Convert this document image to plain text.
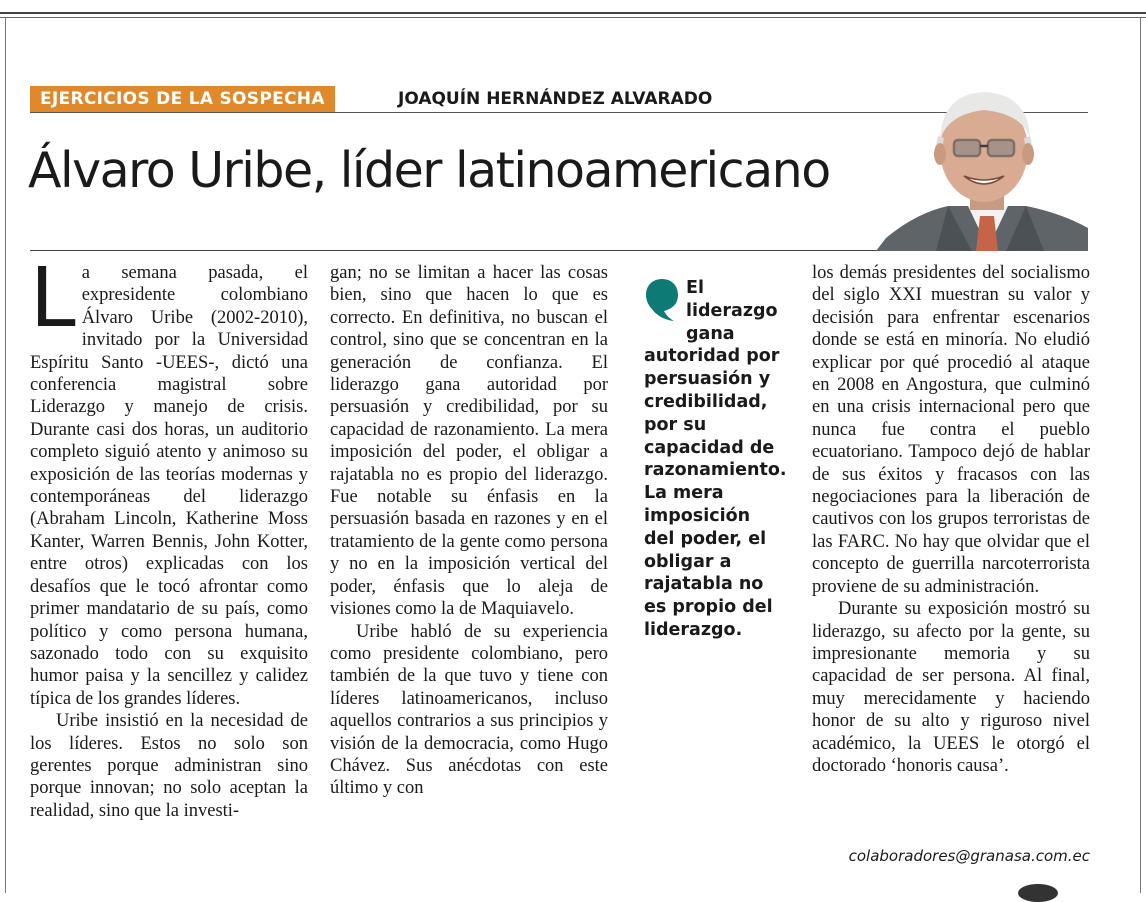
EJERCICIOS DE LA SOSPECHA	JOAQUÍN HERNÁNDEZ ALVARADO
Álvaro Uribe, líder latinoamericano

La semana pasada, el expresidente colombiano Álvaro Uribe (2002-2010), invitado por la Universidad Espíritu Santo -UEES-, dictó una conferencia magistral sobre Liderazgo y manejo de crisis. Durante casi dos horas, un auditorio completo siguió atento y animoso su exposición de las teorías modernas y contemporáneas del liderazgo (Abraham Lincoln, Katherine Moss Kanter, Warren Bennis, John Kotter, entre otros) explicadas con los desafíos que le tocó afrontar como primer mandatario de su país, como político y como persona humana, sazonado todo con su exquisito humor paisa y la sencillez y calidez típica de los grandes líderes.

Uribe insistió en la necesidad de los líderes. Estos no solo son gerentes porque administran sino porque innovan; no solo aceptan la realidad, sino que la investi-

gan; no se limitan a hacer las cosas bien, sino que hacen lo que es correcto. En definitiva, no buscan el control, sino que se concentran en la generación de confianza. El liderazgo gana autoridad por persuasión y credibilidad, por su capacidad de razonamiento. La mera imposición del poder, el obligar a rajatabla no es propio del liderazgo. Fue notable su énfasis en la persuasión basada en razones y en el tratamiento de la gente como persona y no en la imposición vertical del poder, énfasis que lo aleja de visiones como la de Maquiavelo.

Uribe habló de su experiencia como presidente colombiano, pero también de la que tuvo y tiene con líderes latinoamericanos, incluso aquellos contrarios a sus principios y visión de la democracia, como Hugo Chávez. Sus anécdotas con este último y con

El liderazgo gana autoridad por persuasión y credibilidad, por su capacidad de razonamiento. La mera imposición del poder, el obligar a rajatabla no es propio del liderazgo.

los demás presidentes del socialismo del siglo XXI muestran su valor y decisión para enfrentar escenarios donde se está en minoría. No eludió explicar por qué procedió al ataque en 2008 en Angostura, que culminó en una crisis internacional pero que nunca fue contra el pueblo ecuatoriano. Tampoco dejó de hablar de sus éxitos y fracasos con las negociaciones para la liberación de cautivos con los grupos terroristas de las FARC. No hay que olvidar que el concepto de guerrilla narcoterrorista proviene de su administración.

Durante su exposición mostró su liderazgo, su afecto por la gente, su impresionante memoria y su capacidad de ser persona. Al final, muy merecidamente y haciendo honor de su alto y riguroso nivel académico, la UEES le otorgó el doctorado ‘honoris causa’.

colaboradores@granasa.com.ec
